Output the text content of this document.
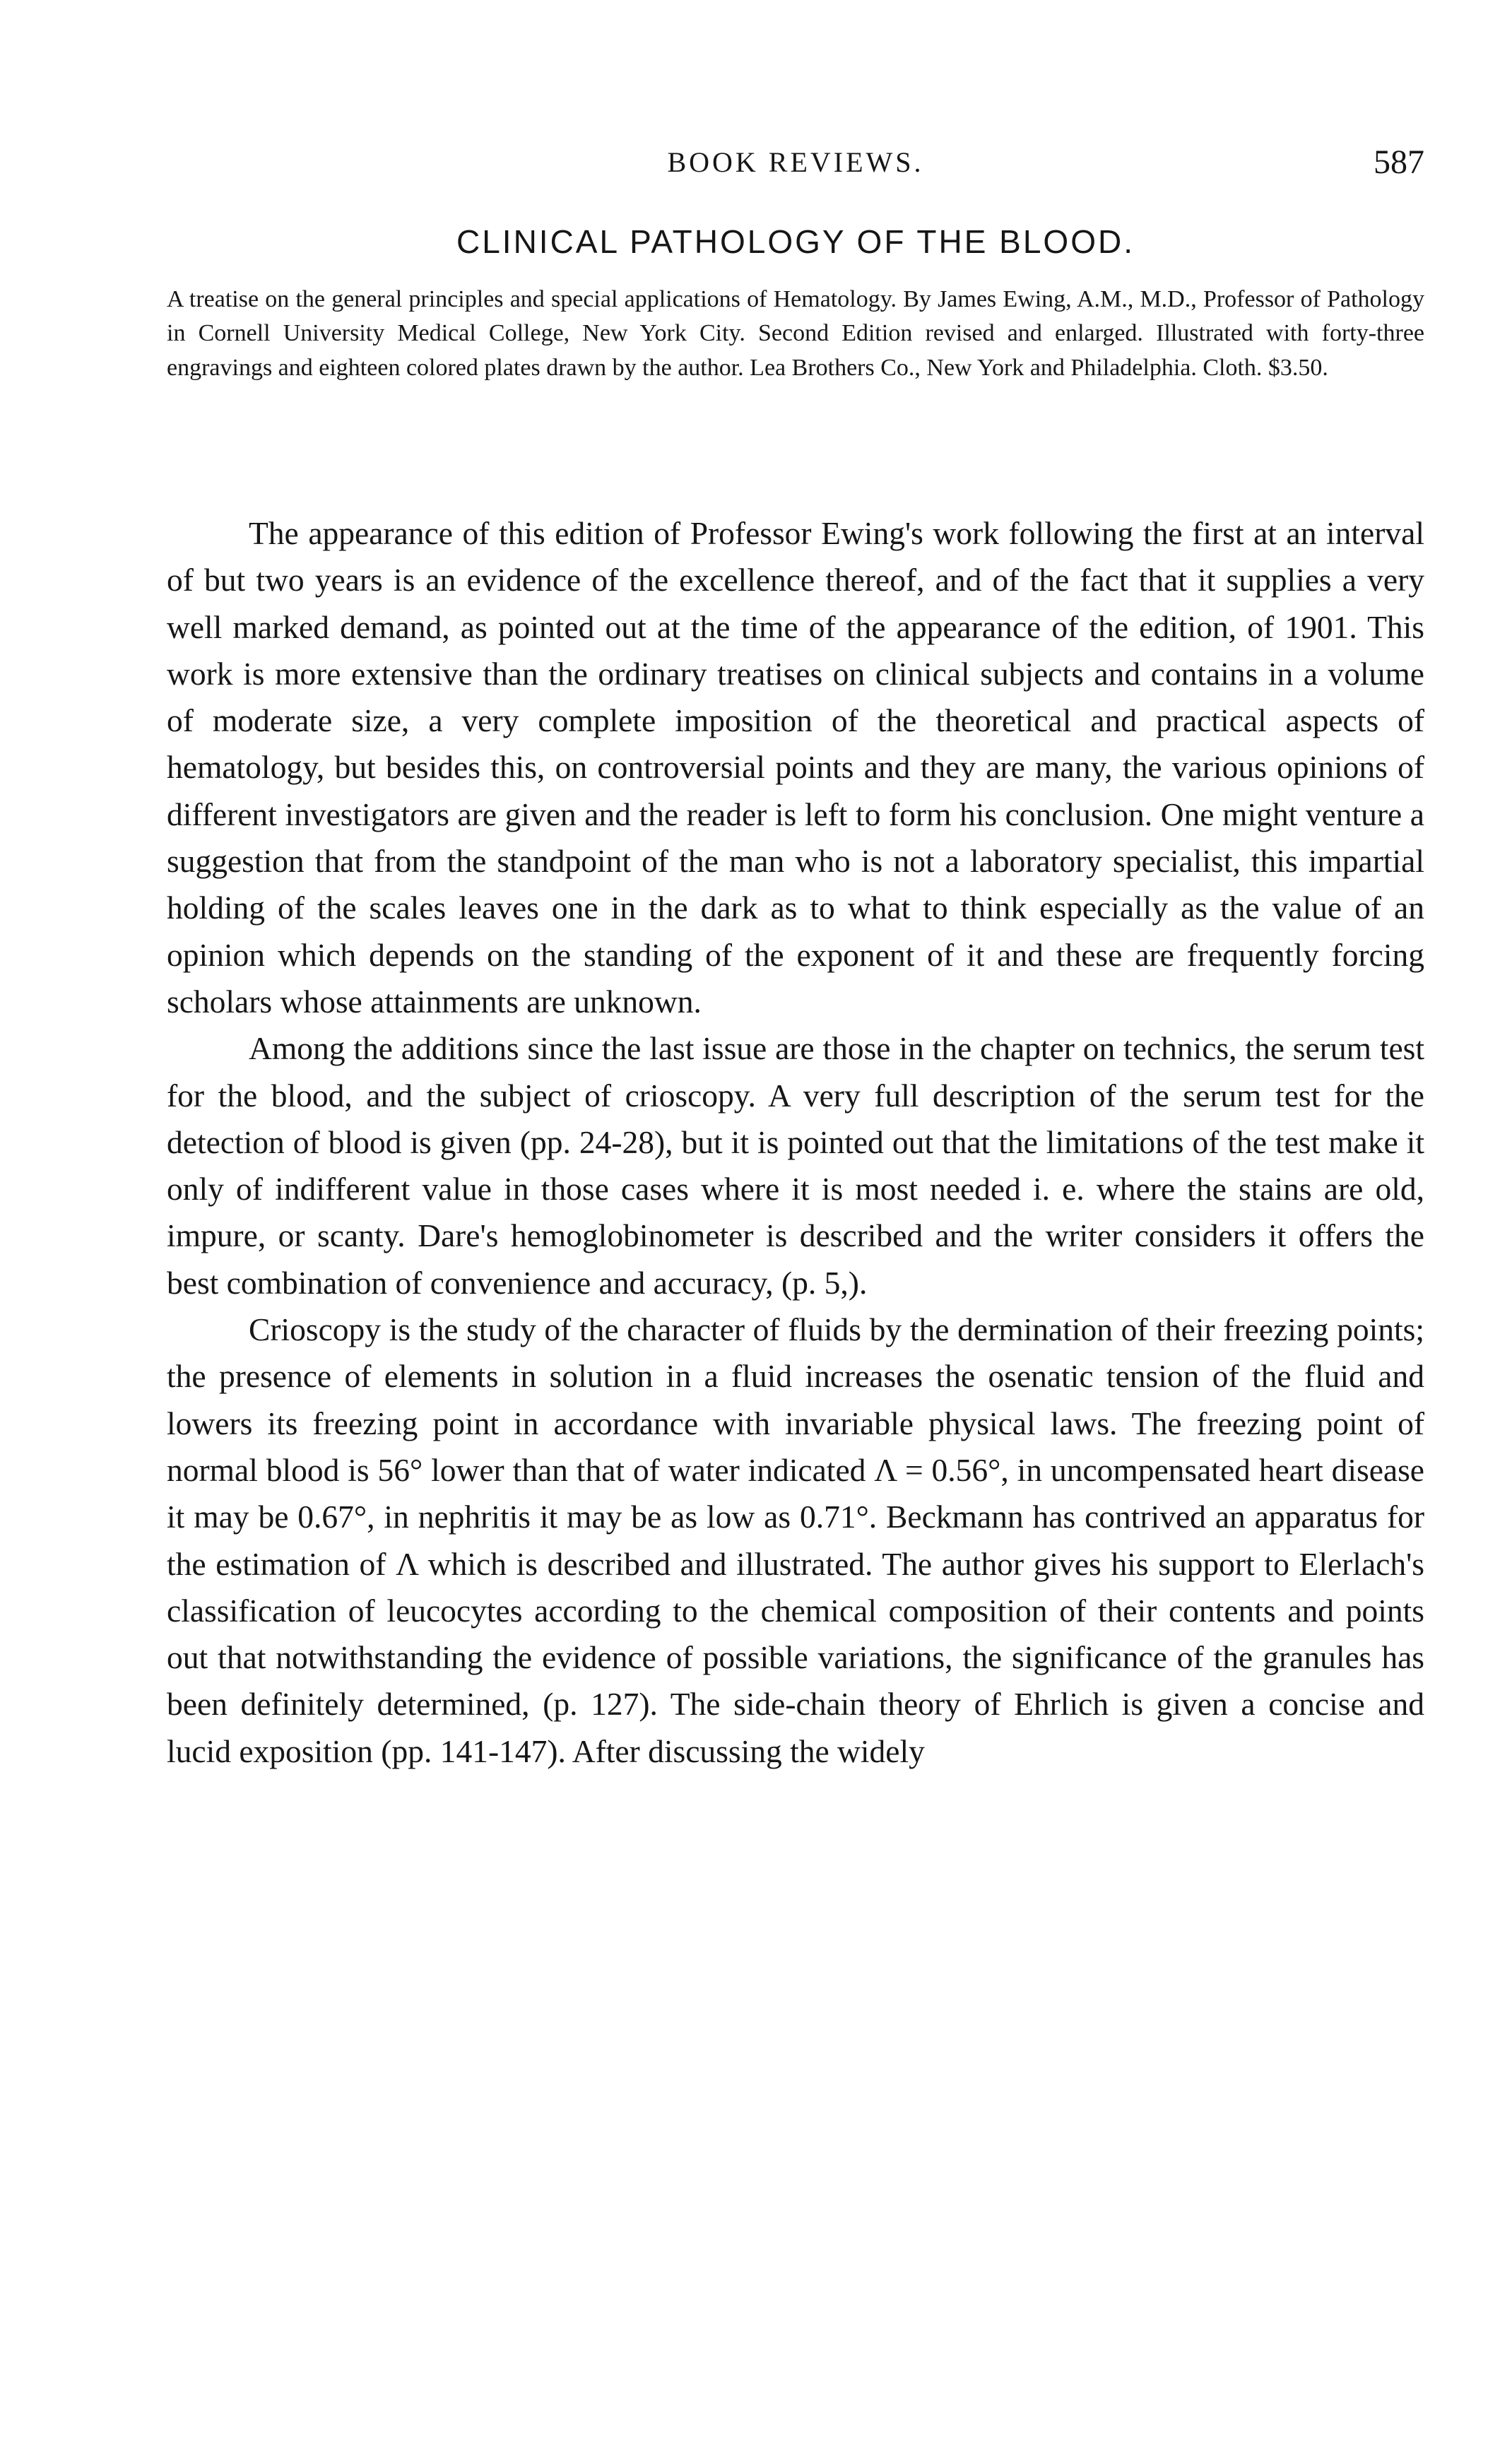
BOOK REVIEWS.	587
CLINICAL PATHOLOGY OF THE BLOOD.

A treatise on the general principles and special applications of Hematology. By James Ewing, A.M., M.D., Professor of Pathology in Cornell University Medical College, New York City. Second Edition revised and enlarged. Illustrated with forty-three engravings and eighteen colored plates drawn by the author. Lea Brothers Co., New York and Philadelphia. Cloth. $3.50.

The appearance of this edition of Professor Ewing's work following the first at an interval of but two years is an evidence of the excellence thereof, and of the fact that it supplies a very well marked demand, as pointed out at the time of the appearance of the edition, of 1901. This work is more extensive than the ordinary treatises on clinical subjects and contains in a volume of moderate size, a very complete imposition of the theoretical and practical aspects of hematology, but besides this, on controversial points and they are many, the various opinions of different investigators are given and the reader is left to form his conclusion. One might venture a suggestion that from the standpoint of the man who is not a laboratory specialist, this impartial holding of the scales leaves one in the dark as to what to think especially as the value of an opinion which depends on the standing of the exponent of it and these are frequently forcing scholars whose attainments are unknown.

Among the additions since the last issue are those in the chapter on technics, the serum test for the blood, and the subject of crioscopy. A very full description of the serum test for the detection of blood is given (pp. 24-28), but it is pointed out that the limitations of the test make it only of indifferent value in those cases where it is most needed i. e. where the stains are old, impure, or scanty. Dare's hemoglobinometer is described and the writer considers it offers the best combination of convenience and accuracy, (p. 5,).

Crioscopy is the study of the character of fluids by the dermination of their freezing points; the presence of elements in solution in a fluid increases the osenatic tension of the fluid and lowers its freezing point in accordance with invariable physical laws. The freezing point of normal blood is 56° lower than that of water indicated Λ = 0.56°, in uncompensated heart disease it may be 0.67°, in nephritis it may be as low as 0.71°. Beckmann has contrived an apparatus for the estimation of Λ which is described and illustrated. The author gives his support to Elerlach's classification of leucocytes according to the chemical composition of their contents and points out that notwithstanding the evidence of possible variations, the significance of the granules has been definitely determined, (p. 127). The side-chain theory of Ehrlich is given a concise and lucid exposition (pp. 141-147). After discussing the widely
